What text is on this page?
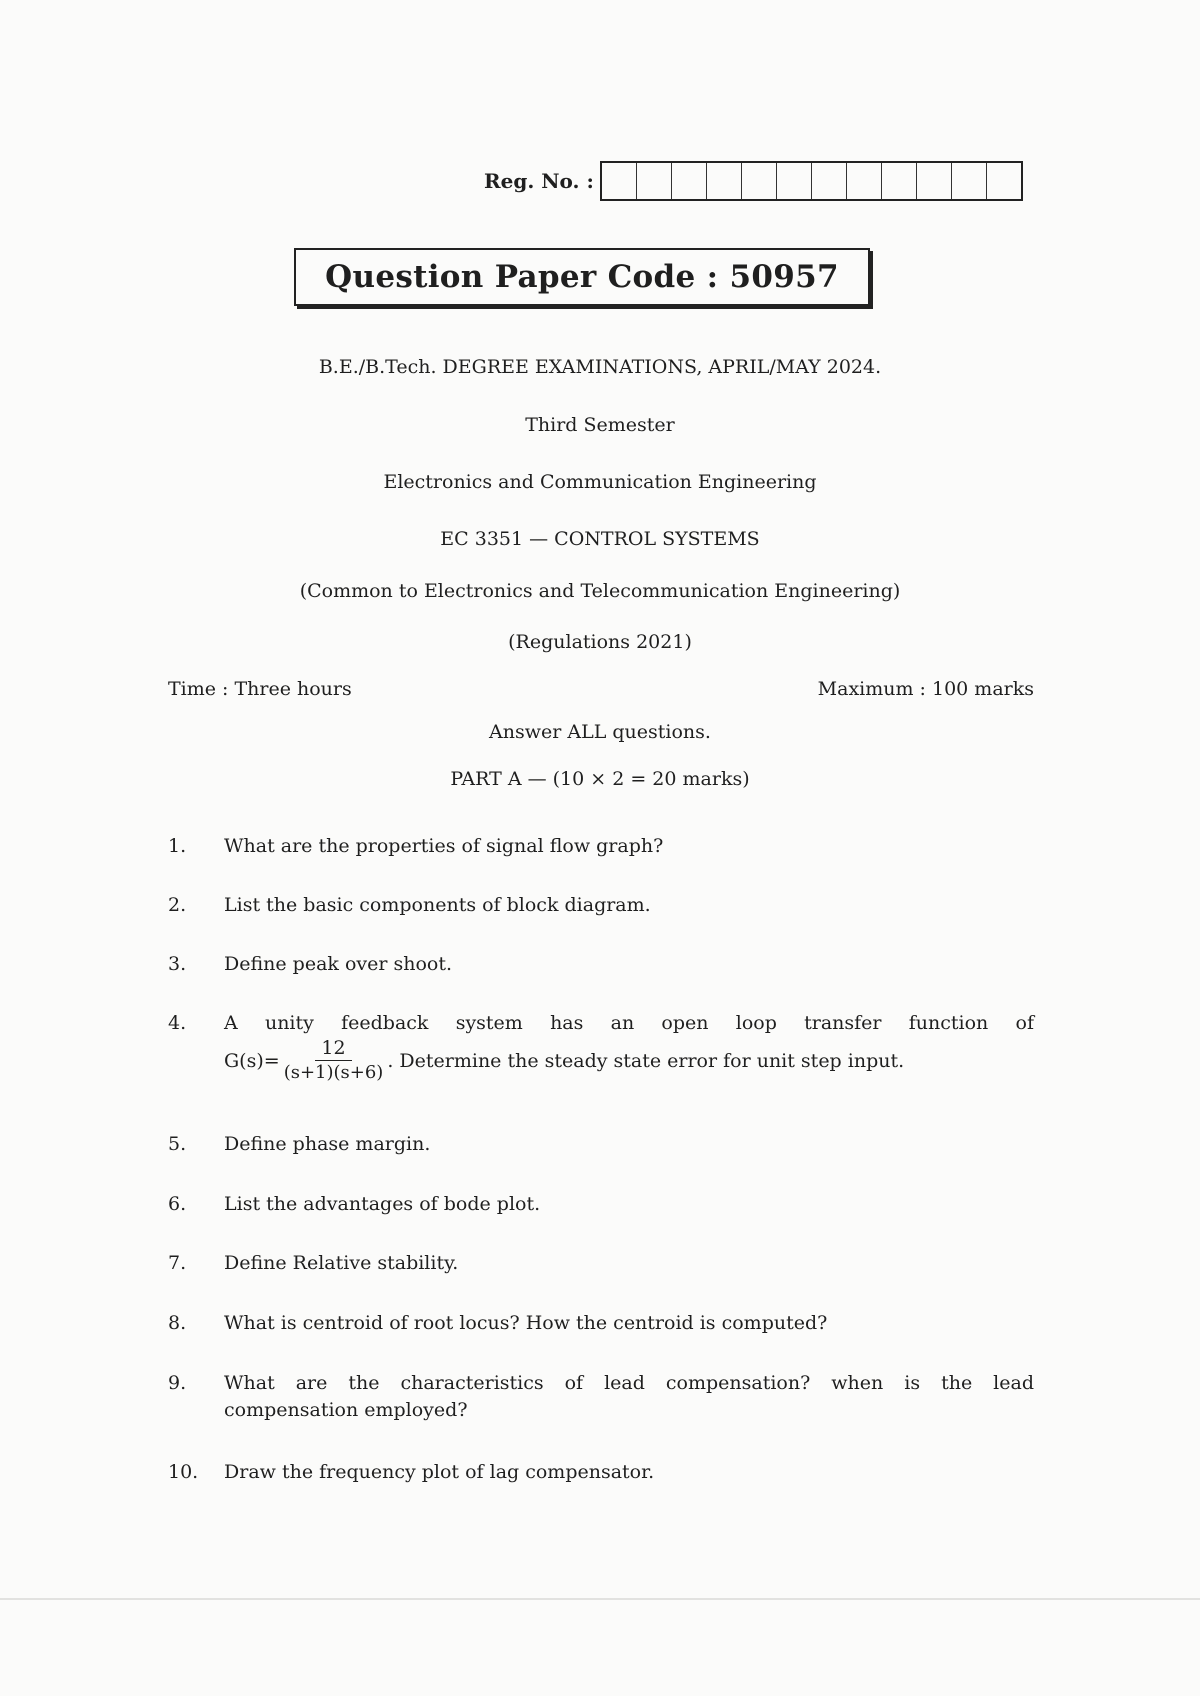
Reg. No. :
Question Paper Code : 50957
B.E./B.Tech. DEGREE EXAMINATIONS, APRIL/MAY 2024.
Third Semester
Electronics and Communication Engineering
EC 3351 — CONTROL SYSTEMS
(Common to Electronics and Telecommunication Engineering)
(Regulations 2021)
Time : Three hours	Maximum : 100 marks
Answer ALL questions.
PART A — (10 × 2 = 20 marks)
1. What are the properties of signal flow graph?
2. List the basic components of block diagram.
3. Define peak over shoot.
4. A unity feedback system has an open loop transfer function of
$G(s)= \frac{12}{(s+1)(s+6)}$ . Determine the steady state error for unit step input.
5. Define phase margin.
6. List the advantages of bode plot.
7. Define Relative stability.
8. What is centroid of root locus? How the centroid is computed?
9. What are the characteristics of lead compensation? when is the lead
compensation employed?
10. Draw the frequency plot of lag compensator.
